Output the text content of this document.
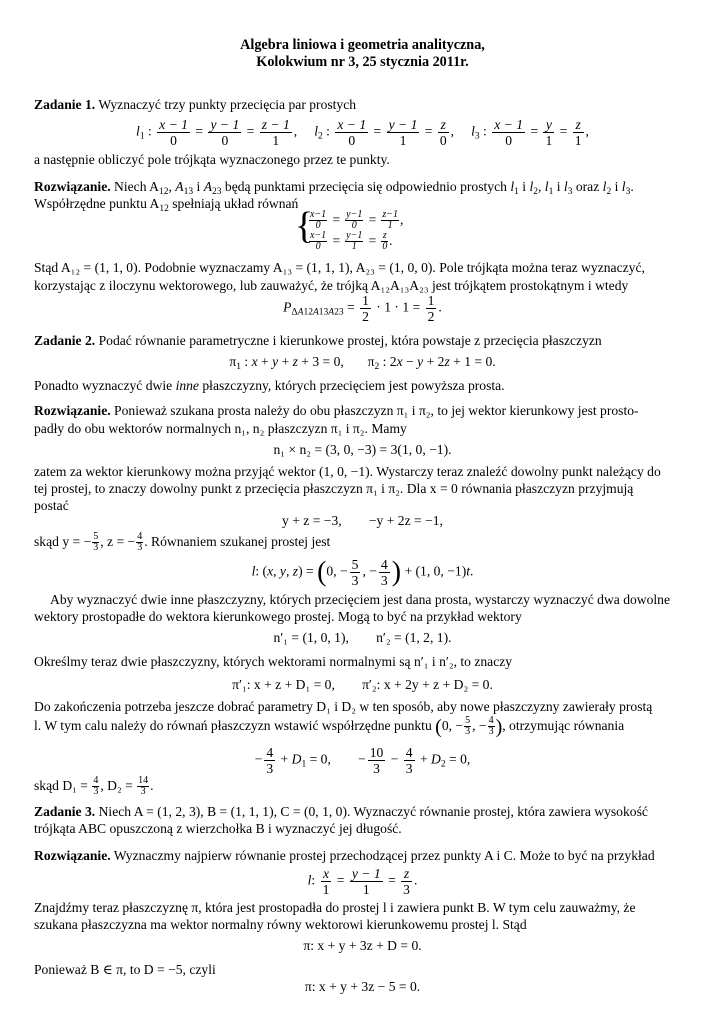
Algebra liniowa i geometria analityczna,
Kolokwium nr 3, 25 stycznia 2011r.
Zadanie 1. Wyznaczyć trzy punkty przecięcia par prostych
$l_1$ : $\frac{x - 1}{0} = \frac{y - 1}{0} = \frac{z - 1}{1}$ ,     $l_2$ : $\frac{x - 1}{0} = \frac{y - 1}{1} = \frac{z}{0}$ ,     $l_3$ : $\frac{x - 1}{0} = \frac{y}{1} = \frac{z}{1}$ ,
a następnie obliczyć pole trójkąta wyznaczonego przez te punkty.
Rozwiązanie. Niech $A_{12}$, $A_{13}$ i $A_{23}$ będą punktami przecięcia się odpowiednio prostych $l_1$ i $l_2$, $l_1$ i $l_3$ oraz $l_2$ i $l_3$.
Współrzędne punktu $A_{12}$ spełniają układ równań
{
$\frac{x-1}{0} = \frac{y-1}{0} = \frac{z-1}{1}$ ,
$\frac{x-1}{0} = \frac{y-1}{1} = \frac{z}{0}$ .
Stąd A₁₂ = (1, 1, 0). Podobnie wyznaczamy A₁₃ = (1, 1, 1), A₂₃ = (1, 0, 0). Pole trójkąta można teraz wyznaczyć,
korzystając z iloczynu wektorowego, lub zauważyć, że trójką A₁₂A₁₃A₂₃ jest trójkątem prostokątnym i wtedy
$P_{\Delta A12A13A23} = \frac{1}{2} \cdot 1 \cdot 1 = \frac{1}{2}$ .
Zadanie 2. Podać równanie parametryczne i kierunkowe prostej, która powstaje z przecięcia płaszczyzn
$\pi_1$ : x + y + z + 3 = 0,       $\pi_2$ : 2x − y + 2z + 1 = 0.
Ponadto wyznaczyć dwie inne płaszczyzny, których przecięciem jest powyższa prosta.
Rozwiązanie. Ponieważ szukana prosta należy do obu płaszczyzn π₁ i π₂, to jej wektor kierunkowy jest prosto-
padły do obu wektorów normalnych n₁, n₂ płaszczyzn π₁ i π₂. Mamy
n₁ × n₂ = (3, 0, −3) = 3(1, 0, −1).
zatem za wektor kierunkowy można przyjąć wektor (1, 0, −1). Wystarczy teraz znaleźć dowolny punkt należący do
tej prostej, to znaczy dowolny punkt z przecięcia płaszczyzn π₁ i π₂. Dla x = 0 równania płaszczyzn przyjmują
postać
y + z = −3, −y + 2z = −1,
skąd y = − $\frac{5}{3}$ , z = − $\frac{4}{3}$ . Równaniem szukanej prostej jest
l: (x, y, z) = (0, − $\frac{5}{3}$ , − $\frac{4}{3}$ ) + (1, 0, −1)t.
Aby wyznaczyć dwie inne płaszczyzny, których przecięciem jest dana prosta, wystarczy wyznaczyć dwa dowolne
wektory prostopadłe do wektora kierunkowego prostej. Mogą to być na przykład wektory
n′₁ = (1, 0, 1), n′₂ = (1, 2, 1).
Określmy teraz dwie płaszczyzny, których wektorami normalnymi są n′₁ i n′₂, to znaczy
π′₁: x + z + D₁ = 0, π′₂: x + 2y + z + D₂ = 0.
Do zakończenia potrzeba jeszcze dobrać parametry D₁ i D₂ w ten sposób, aby nowe płaszczyzny zawierały prostą
l. W tym calu należy do równań płaszczyzn wstawić współrzędne punktu (0, − $\frac{5}{3}$ , − $\frac{4}{3}$ ), otrzymując równania
− $\frac{4}{3} + D_1 = 0$,        − $\frac{10}{3} - \frac{4}{3} + D_2 = 0$,
skąd $D_1 = \frac{4}{3}$ , $D_2 = \frac{14}{3}$ .
Zadanie 3. Niech A = (1, 2, 3), B = (1, 1, 1), C = (0, 1, 0). Wyznaczyć równanie prostej, która zawiera wysokość
trójkąta ABC opuszczoną z wierzchołka B i wyznaczyć jej długość.
Rozwiązanie. Wyznaczmy najpierw równanie prostej przechodzącej przez punkty A i C. Może to być na przykład
l: $\frac{x}{1} = \frac{y - 1}{1} = \frac{z}{3}$ .
Znajdźmy teraz płaszczyznę π, która jest prostopadła do prostej l i zawiera punkt B. W tym celu zauważmy, że
szukana płaszczyzna ma wektor normalny równy wektorowi kierunkowemu prostej l. Stąd
π: x + y + 3z + D = 0.
Ponieważ B ∈ π, to D = −5, czyli
π: x + y + 3z − 5 = 0.
